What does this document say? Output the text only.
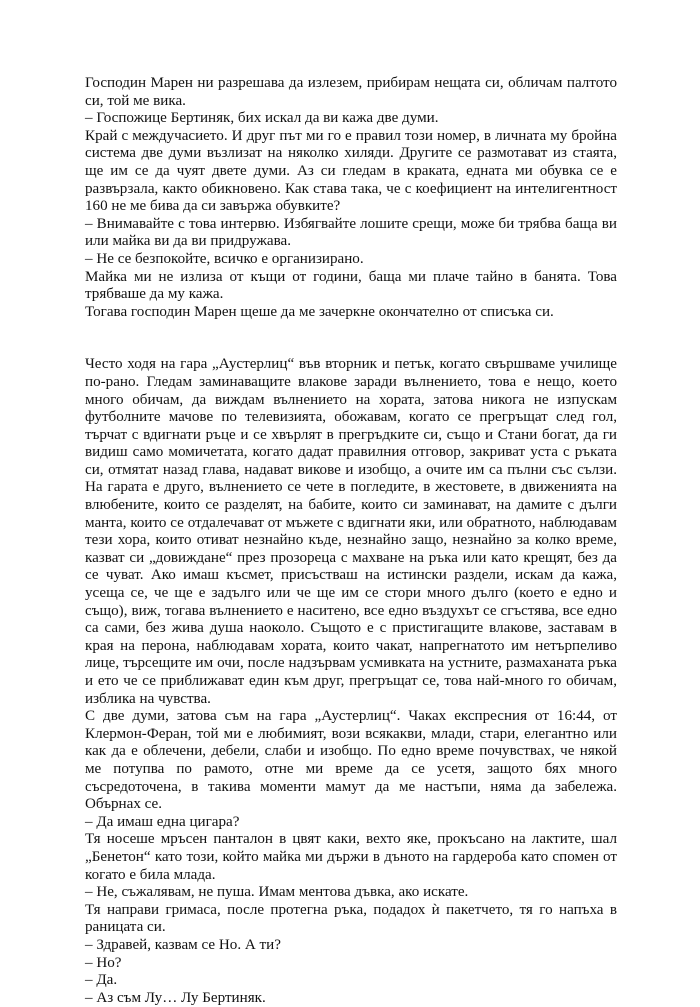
Господин Марен ни разрешава да излезем, прибирам нещата си, обличам палтото си, той ме вика.

– Госпожице Бертиняк, бих искал да ви кажа две думи.

Край с междучасието. И друг път ми го е правил този номер, в личната му бройна система две думи възлизат на няколко хиляди. Другите се размотават из стаята, ще им се да чуят двете думи. Аз си гледам в краката, едната ми обувка се е развързала, както обикновено. Как става така, че с коефициент на интелигентност 160 не ме бива да си завържа обувките?

– Внимавайте с това интервю. Избягвайте лошите срещи, може би трябва баща ви или майка ви да ви придружава.

– Не се безпокойте, всичко е организирано.

Майка ми не излиза от къщи от години, баща ми плаче тайно в банята. Това трябваше да му кажа.

Тогава господин Марен щеше да ме зачеркне окончателно от списъка си.

Често ходя на гара „Аустерлиц“ във вторник и петък, когато свършваме училище по-рано. Гледам заминаващите влакове заради вълнението, това е нещо, което много обичам, да виждам вълнението на хората, затова никога не изпускам футболните мачове по телевизията, обожавам, когато се прегръщат след гол, търчат с вдигнати ръце и се хвърлят в прегръдките си, също и Стани богат, да ги видиш само момичетата, когато дадат правилния отговор, закриват уста с ръката си, отмятат назад глава, надават викове и изобщо, а очите им са пълни със сълзи. На гарата е друго, вълнението се чете в погледите, в жестовете, в движенията на влюбените, които се разделят, на бабите, които си заминават, на дамите с дълги манта, които се отдалечават от мъжете с вдигнати яки, или обратното, наблюдавам тези хора, които отиват незнайно къде, незнайно защо, незнайно за колко време, казват си „довиждане“ през прозореца с махване на ръка или като крещят, без да се чуват. Ако имаш късмет, присъстваш на истински раздели, искам да кажа, усеща се, че ще е задълго или че ще им се стори много дълго (което е едно и също), виж, тогава вълнението е наситено, все едно въздухът се сгъстява, все едно са сами, без жива душа наоколо. Същото е с пристигащите влакове, заставам в края на перона, наблюдавам хората, които чакат, напрегнатото им нетърпеливо лице, търсещите им очи, после надзървам усмивката на устните, размаханата ръка и ето че се приближават един към друг, прегръщат се, това най-много го обичам, изблика на чувства.

С две думи, затова съм на гара „Аустерлиц“. Чаках експресния от 16:44, от Клермон-Феран, той ми е любимият, вози всякакви, млади, стари, елегантно или как да е облечени, дебели, слаби и изобщо. По едно време почувствах, че някой ме потупва по рамото, отне ми време да се усетя, защото бях много съсредоточена, в такива моменти мамут да ме настъпи, няма да забележа. Обърнах се.

– Да имаш една цигара?

Тя носеше мръсен панталон в цвят каки, вехто яке, прокъсано на лактите, шал „Бенетон“ като този, който майка ми държи в дъното на гардероба като спомен от когато е била млада.

– Не, съжалявам, не пуша. Имам ментова дъвка, ако искате.

Тя направи гримаса, после протегна ръка, подадох ѝ пакетчето, тя го напъха в раницата си.

– Здравей, казвам се Но. А ти?

– Но?

– Да.

– Аз съм Лу… Лу Бертиняк.
